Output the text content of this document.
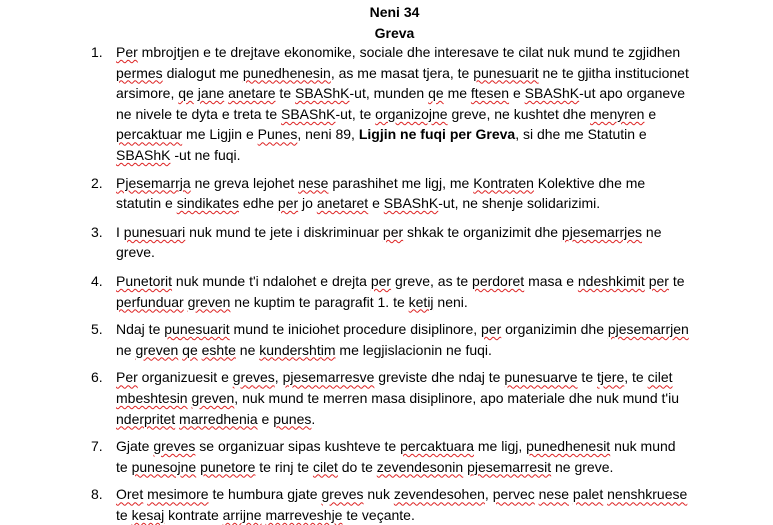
Neni 34
Greva
1. Per mbrojtjen e te drejtave ekonomike, sociale dhe interesave te cilat nuk mund te zgjidhen permes dialogut me punedhenesin, as me masat tjera, te punesuarit ne te gjitha institucionet arsimore, qe jane anetare te SBAShK-ut, munden qe me ftesen e SBAShK-ut apo organeve ne nivele te dyta e treta te SBAShK-ut, te organizojne greve, ne kushtet dhe menyren e percaktuar me Ligjin e Punes, neni 89, Ligjin ne fuqi per Greva, si dhe me Statutin e SBAShK -ut ne fuqi.
2. Pjesemarrja ne greva lejohet nese parashihet me ligj, me Kontraten Kolektive dhe me statutin e sindikates edhe per jo anetaret e SBAShK-ut, ne shenje solidarizimi.
3. I punesuari nuk mund te jete i diskriminuar per shkak te organizimit dhe pjesemarrjes ne greve.
4. Punetorit nuk munde t'i ndalohet e drejta per greve, as te perdoret masa e ndeshkimit per te perfunduar greven ne kuptim te paragrafit 1. te ketij neni.
5. Ndaj te punesuarit mund te iniciohet procedure disiplinore, per organizimin dhe pjesemarrjen ne greven qe eshte ne kundershtim me legjislacionin ne fuqi.
6. Per organizuesit e greves, pjesemarresve greviste dhe ndaj te punesuarve te tjere, te cilet mbeshtesin greven, nuk mund te merren masa disiplinore, apo materiale dhe nuk mund t'iu nderpritet marredhenia e punes.
7. Gjate greves se organizuar sipas kushteve te percaktuara me ligj, punedhenesit nuk mund te punesojne punetore te rinj te cilet do te zevendesonin pjesemarresit ne greve.
8. Oret mesimore te humbura gjate greves nuk zevendesohen, pervec nese palet nenshkruese te kesaj kontrate arrijne marreveshje te veçante.
